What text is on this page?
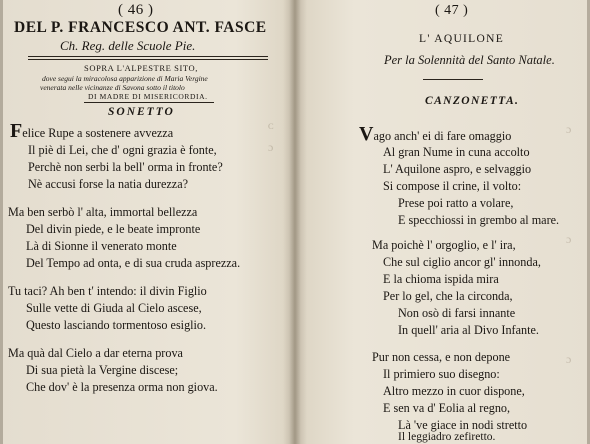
ᴄ
ɔ
ɔ
ɔ
ɔ
( 46 )
DEL P. FRANCESCO ANT. FASCE
Ch. Reg. delle Scuole Pie.
SOPRA L'ALPESTRE SITO,
dove segui la miracolosa apparizione di Maria Vergine
venerata nelle vicinanze di Savona sotto il titolo
DI MADRE DI MISERICORDIA.
SONETTO
Felice Rupe a sostenere avvezza
Il piè di Lei, che d' ogni grazia è fonte,
Perchè non serbi la bell' orma in fronte?
Nè accusi forse la natia durezza?
Ma ben serbò l' alta, immortal bellezza
Del divin piede, e le beate impronte
Là di Sionne il venerato monte
Del Tempo ad onta, e di sua cruda asprezza.
Tu taci? Ah ben t' intendo: il divin Figlio
Sulle vette di Giuda al Cielo ascese,
Questo lasciando tormentoso esiglio.
Ma quà dal Cielo a dar eterna prova
Di sua pietà la Vergine discese;
Che dov' è la presenza orma non giova.
( 47 )
L' AQUILONE
Per la Solennità del Santo Natale.
CANZONETTA.
Vago anch' ei di fare omaggio
Al gran Nume in cuna accolto
L' Aquilone aspro, e selvaggio
Si compose il crine, il volto:
Prese poi ratto a volare,
E specchiossi in grembo al mare.
Ma poichè l' orgoglio, e l' ira,
Che sul ciglio ancor gl' innonda,
E la chioma ispida mira
Per lo gel, che la circonda,
Non osò di farsi innante
In quell' aria al Divo Infante.
Pur non cessa, e non depone
Il primiero suo disegno:
Altro mezzo in cuor dispone,
E sen va d' Eolia al regno,
Là 've giace in nodi stretto
Il leggiadro zefiretto.
